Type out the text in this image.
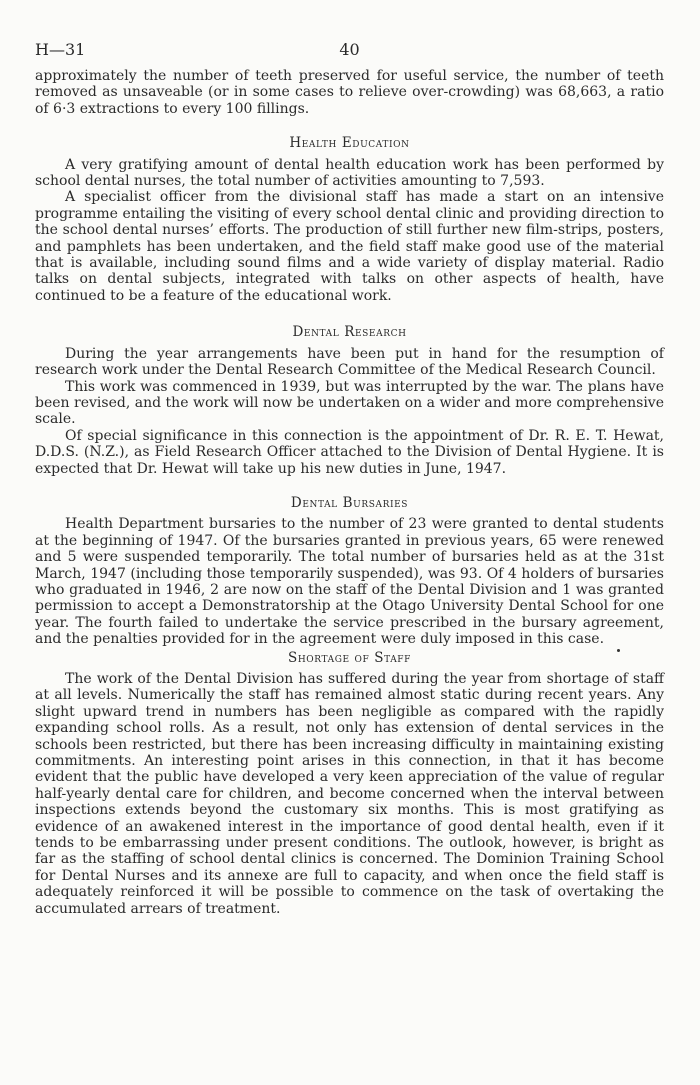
H—31	40

approximately the number of teeth preserved for useful service, the number of teeth removed as unsaveable (or in some cases to relieve over-crowding) was 68,663, a ratio of 6·3 extractions to every 100 fillings.

Health Education

A very gratifying amount of dental health education work has been performed by school dental nurses, the total number of activities amounting to 7,593.

A specialist officer from the divisional staff has made a start on an intensive programme entailing the visiting of every school dental clinic and providing direction to the school dental nurses’ efforts. The production of still further new film-strips, posters, and pamphlets has been undertaken, and the field staff make good use of the material that is available, including sound films and a wide variety of display material. Radio talks on dental subjects, integrated with talks on other aspects of health, have continued to be a feature of the educational work.

Dental Research

During the year arrangements have been put in hand for the resumption of research work under the Dental Research Committee of the Medical Research Council.

This work was commenced in 1939, but was interrupted by the war. The plans have been revised, and the work will now be undertaken on a wider and more comprehensive scale.

Of special significance in this connection is the appointment of Dr. R. E. T. Hewat, D.D.S. (N.Z.), as Field Research Officer attached to the Division of Dental Hygiene. It is expected that Dr. Hewat will take up his new duties in June, 1947.

Dental Bursaries

Health Department bursaries to the number of 23 were granted to dental students at the beginning of 1947. Of the bursaries granted in previous years, 65 were renewed and 5 were suspended temporarily. The total number of bursaries held as at the 31st March, 1947 (including those temporarily suspended), was 93. Of 4 holders of bursaries who graduated in 1946, 2 are now on the staff of the Dental Division and 1 was granted permission to accept a Demonstratorship at the Otago University Dental School for one year. The fourth failed to undertake the service prescribed in the bursary agreement, and the penalties provided for in the agreement were duly imposed in this case.

Shortage of Staff

The work of the Dental Division has suffered during the year from shortage of staff at all levels. Numerically the staff has remained almost static during recent years. Any slight upward trend in numbers has been negligible as compared with the rapidly expanding school rolls. As a result, not only has extension of dental services in the schools been restricted, but there has been increasing difficulty in maintaining existing commitments. An interesting point arises in this connection, in that it has become evident that the public have developed a very keen appreciation of the value of regular half-yearly dental care for children, and become concerned when the interval between inspections extends beyond the customary six months. This is most gratifying as evidence of an awakened interest in the importance of good dental health, even if it tends to be embarrassing under present conditions. The outlook, however, is bright as far as the staffing of school dental clinics is concerned. The Dominion Training School for Dental Nurses and its annexe are full to capacity, and when once the field staff is adequately reinforced it will be possible to commence on the task of overtaking the accumulated arrears of treatment.
